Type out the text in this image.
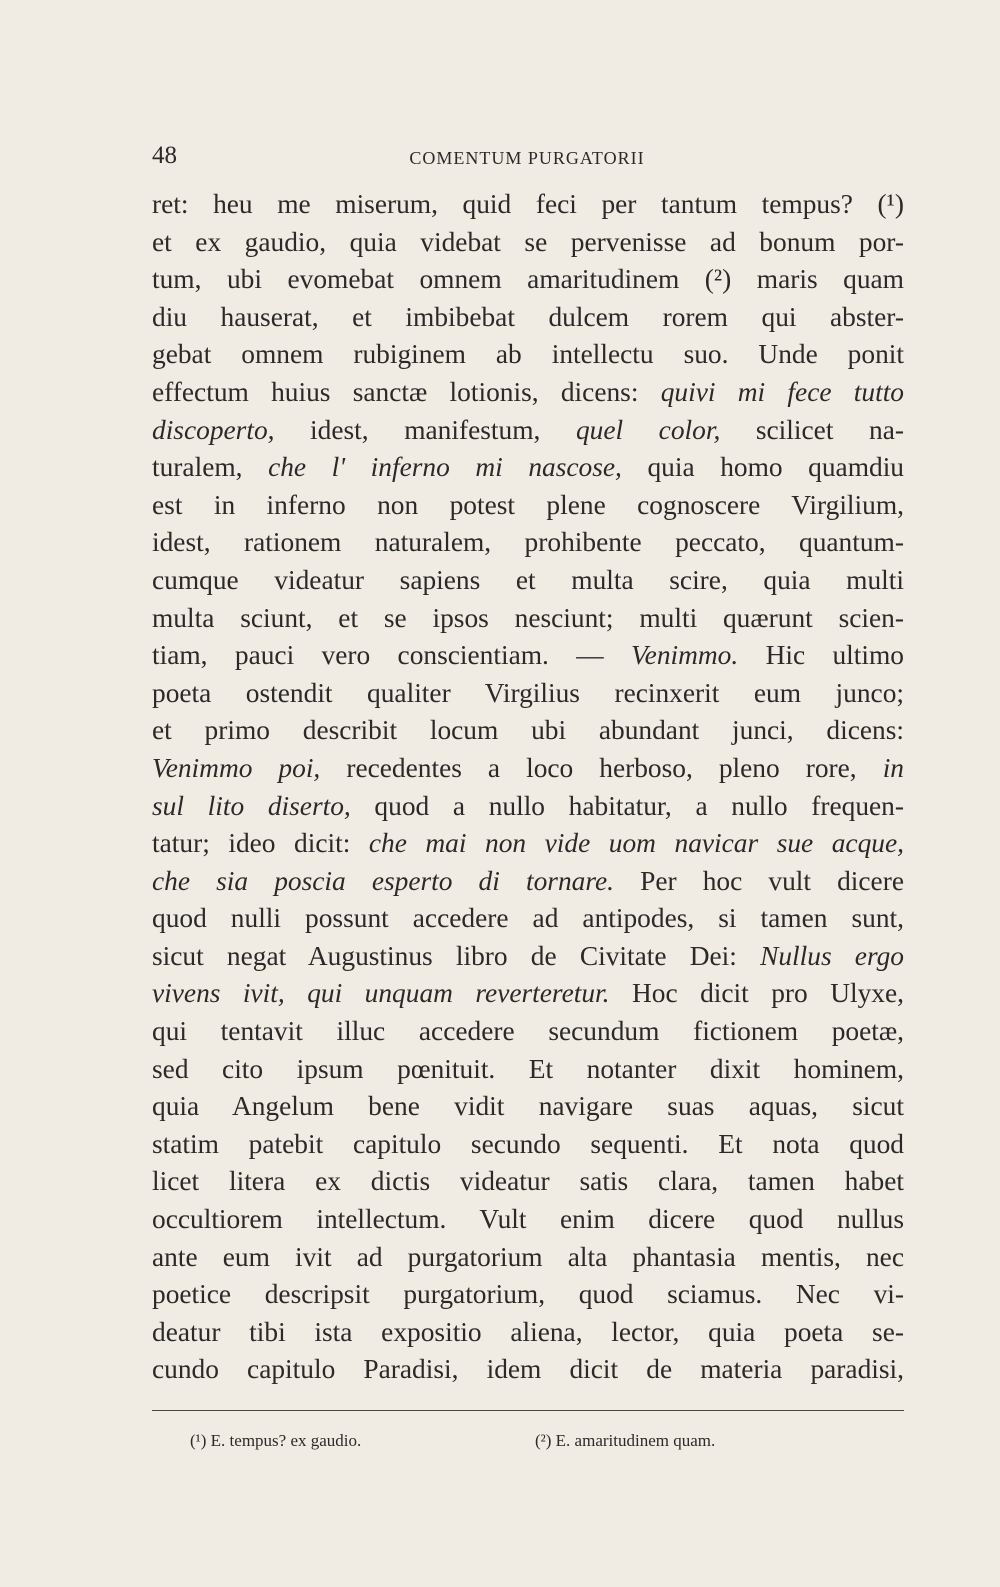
48	COMENTUM PURGATORII
ret: heu me miserum, quid feci per tantum tempus? (¹)
et ex gaudio, quia videbat se pervenisse ad bonum por-
tum, ubi evomebat omnem amaritudinem (²) maris quam
diu hauserat, et imbibebat dulcem rorem qui abster-
gebat omnem rubiginem ab intellectu suo. Unde ponit
effectum huius sanctæ lotionis, dicens: quivi mi fece tutto
discoperto, idest, manifestum, quel color, scilicet na-
turalem, che l' inferno mi nascose, quia homo quamdiu
est in inferno non potest plene cognoscere Virgilium,
idest, rationem naturalem, prohibente peccato, quantum-
cumque videatur sapiens et multa scire, quia multi
multa sciunt, et se ipsos nesciunt; multi quærunt scien-
tiam, pauci vero conscientiam. — Venimmo. Hic ultimo
poeta ostendit qualiter Virgilius recinxerit eum junco;
et primo describit locum ubi abundant junci, dicens:
Venimmo poi, recedentes a loco herboso, pleno rore, in
sul lito diserto, quod a nullo habitatur, a nullo frequen-
tatur; ideo dicit: che mai non vide uom navicar sue acque,
che sia poscia esperto di tornare. Per hoc vult dicere
quod nulli possunt accedere ad antipodes, si tamen sunt,
sicut negat Augustinus libro de Civitate Dei: Nullus ergo
vivens ivit, qui unquam reverteretur. Hoc dicit pro Ulyxe,
qui tentavit illuc accedere secundum fictionem poetæ,
sed cito ipsum pœnituit. Et notanter dixit hominem,
quia Angelum bene vidit navigare suas aquas, sicut
statim patebit capitulo secundo sequenti. Et nota quod
licet litera ex dictis videatur satis clara, tamen habet
occultiorem intellectum. Vult enim dicere quod nullus
ante eum ivit ad purgatorium alta phantasia mentis, nec
poetice descripsit purgatorium, quod sciamus. Nec vi-
deatur tibi ista expositio aliena, lector, quia poeta se-
cundo capitulo Paradisi, idem dicit de materia paradisi,
(¹) E. tempus? ex gaudio.	(²) E. amaritudinem quam.
